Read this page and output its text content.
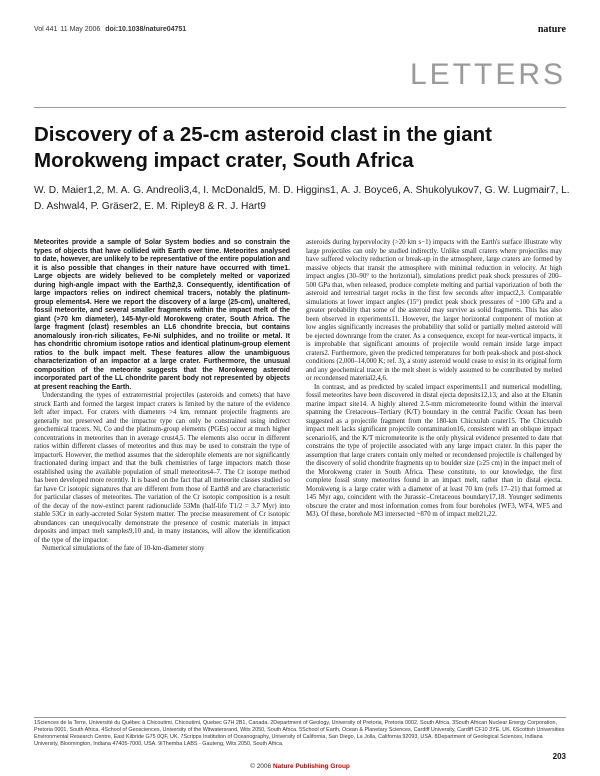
Vol 441 11 May 2006 doi:10.1038/nature04751	nature
LETTERS
Discovery of a 25-cm asteroid clast in the giant Morokweng impact crater, South Africa

W. D. Maier1,2, M. A. G. Andreoli3,4, I. McDonald5, M. D. Higgins1, A. J. Boyce6, A. Shukolyukov7, G. W. Lugmair7, L. D. Ashwal4, P. Gräser2, E. M. Ripley8 & R. J. Hart9

Meteorites provide a sample of Solar System bodies and so constrain the types of objects that have collided with Earth over time. Meteorites analysed to date, however, are unlikely to be representative of the entire population and it is also possible that changes in their nature have occurred with time1. Large objects are widely believed to be completely melted or vaporized during high-angle impact with the Earth2,3. Consequently, identification of large impactors relies on indirect chemical tracers, notably the platinum-group elements4. Here we report the discovery of a large (25-cm), unaltered, fossil meteorite, and several smaller fragments within the impact melt of the giant (>70 km diameter), 145-Myr-old Morokweng crater, South Africa. The large fragment (clast) resembles an LL6 chondrite breccia, but contains anomalously iron-rich silicates, Fe-Ni sulphides, and no troilite or metal. It has chondritic chromium isotope ratios and identical platinum-group element ratios to the bulk impact melt. These features allow the unambiguous characterization of an impactor at a large crater. Furthermore, the unusual composition of the meteorite suggests that the Morokweng asteroid incorporated part of the LL chondrite parent body not represented by objects at present reaching the Earth.

Understanding the types of extraterrestrial projectiles (asteroids and comets) that have struck Earth and formed the largest impact craters is limited by the nature of the evidence left after impact. For craters with diameters >4 km, remnant projectile fragments are generally not preserved and the impactor type can only be constrained using indirect geochemical tracers. Ni, Co and the platinum-group elements (PGEs) occur at much higher concentrations in meteorites than in average crust4,5. The elements also occur in different ratios within different classes of meteorites and thus may be used to constrain the type of impactor6. However, the method assumes that the siderophile elements are not significantly fractionated during impact and that the bulk chemistries of large impactors match those established using the available population of small meteorites4–7. The Cr isotope method has been developed more recently. It is based on the fact that all meteorite classes studied so far have Cr isotopic signatures that are different from those of Earth8 and are characteristic for particular classes of meteorites. The variation of the Cr isotopic composition is a result of the decay of the now-extinct parent radionuclide 53Mn (half-life T1/2 = 3.7 Myr) into stable 53Cr in early-accreted Solar System matter. The precise measurement of Cr isotopic abundances can unequivocally demonstrate the presence of cosmic materials in impact deposits and impact melt samples9,10 and, in many instances, will allow the identification of the type of the impactor.

Numerical simulations of the fate of 10-km-diameter stony

asteroids during hypervelocity (>20 km s−1) impacts with the Earth's surface illustrate why large projectiles can only be studied indirectly. Unlike small craters where projectiles may have suffered velocity reduction or break-up in the atmosphere, large craters are formed by massive objects that transit the atmosphere with minimal reduction in velocity. At high impact angles (30–90° to the horizontal), simulations predict peak shock pressures of 200–500 GPa that, when released, produce complete melting and partial vaporization of both the asteroid and terrestrial target rocks in the first few seconds after impact2,3. Comparable simulations at lower impact angles (15°) predict peak shock pressures of ~100 GPa and a greater probability that some of the asteroid may survive as solid fragments. This has also been observed in experiments11. However, the larger horizontal component of motion at low angles significantly increases the probability that solid or partially melted asteroid will be ejected downrange from the crater. As a consequence, except for near-vertical impacts, it is improbable that significant amounts of projectile would remain inside large impact craters2. Furthermore, given the predicted temperatures for both peak-shock and post-shock conditions (2,000–14,000 K; ref. 3), a stony asteroid would cease to exist in its original form and any geochemical tracer in the melt sheet is widely assumed to be contributed by melted or recondensed material2,4,6.

In contrast, and as predicted by scaled impact experiments11 and numerical modelling, fossil meteorites have been discovered in distal ejecta deposits12,13, and also at the Eltanin marine impact site14. A highly altered 2.5-mm micrometeorite found within the interval spanning the Cretaceous–Tertiary (K/T) boundary in the central Pacific Ocean has been suggested as a projectile fragment from the 180-km Chicxulub crater15. The Chicxulub impact melt lacks significant projectile contamination16, consistent with an oblique impact scenario16, and the K/T micrometeorite is the only physical evidence presented to date that constrains the type of projectile associated with any large impact crater. In this paper the assumption that large craters contain only melted or recondensed projectile is challenged by the discovery of solid chondrite fragments up to boulder size (≥25 cm) in the impact melt of the Morokweng crater in South Africa. These constitute, to our knowledge, the first complete fossil stony meteorites found in an impact melt, rather than in distal ejecta. Morokweng is a large crater with a diameter of at least 70 km (refs 17–21) that formed at 145 Myr ago, coincident with the Jurassic–Cretaceous boundary17,18. Younger sediments obscure the crater and most information comes from four boreholes (WF3, WF4, WF5 and M3). Of these, borehole M3 intersected ~870 m of impact melt21,22.

1Sciences de la Terre, Université du Québec à Chicoutimi, Chicoutimi, Quebec G7H 2B1, Canada. 2Department of Geology, University of Pretoria, Pretoria 0002, South Africa. 3South African Nuclear Energy Corporation, Pretoria 0001, South Africa. 4School of Geosciences, University of the Witwatersrand, Wits 2050, South Africa. 5School of Earth, Ocean & Planetary Sciences, Cardiff University, Cardiff CF10 3YE, UK. 6Scottish Universities Environmental Research Centre, East Kilbride G75 0QF, UK. 7Scripps Institution of Oceanography, University of California, San Diego, La Jolla, California 92093, USA. 8Department of Geological Sciences, Indiana University, Bloomington, Indiana 47405-7000, USA. 9iThemba LABS - Gauteng, Wits 2050, South Africa.

203
© 2006 Nature Publishing Group
